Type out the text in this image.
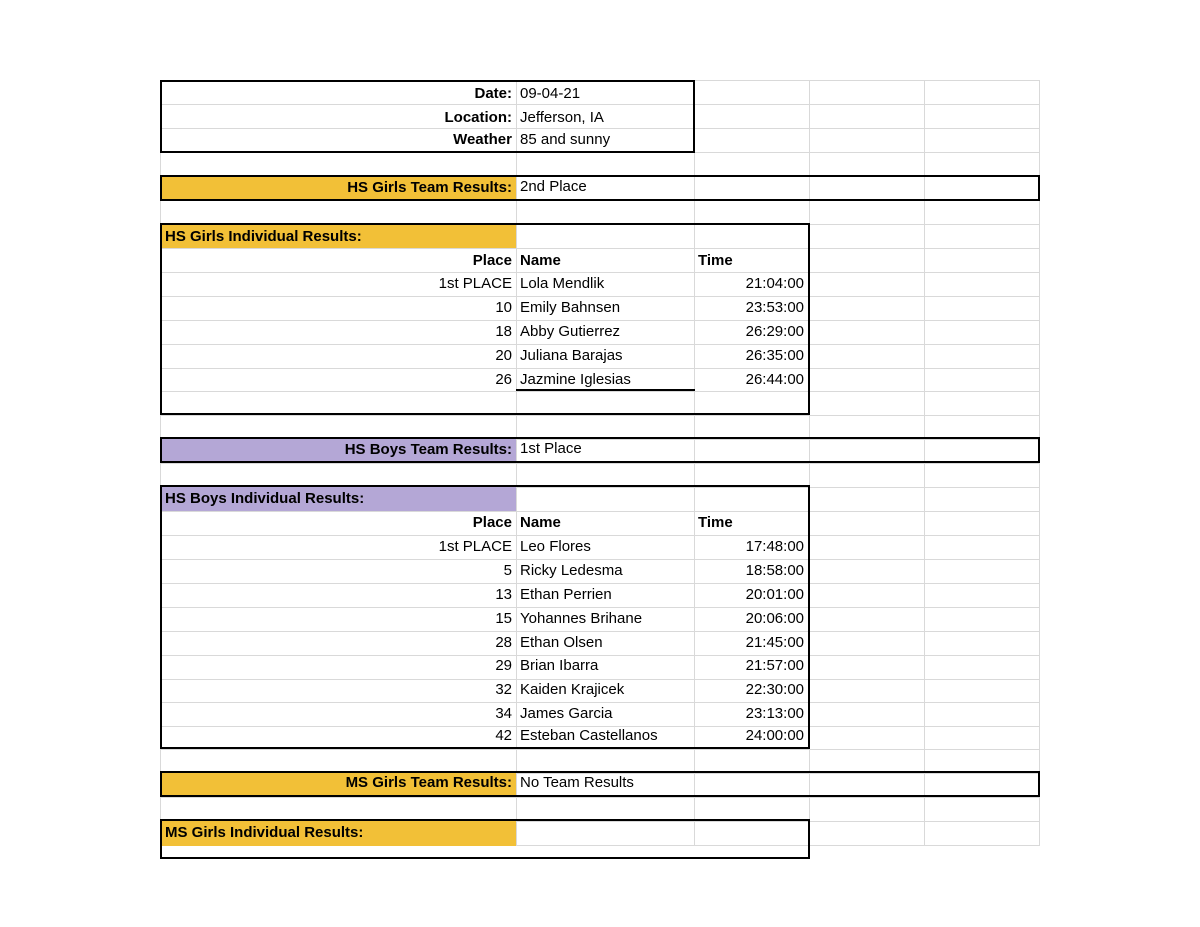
Date: 09-04-21
Location: Jefferson, IA
Weather 85 and sunny
HS Girls Team Results: 2nd Place
HS Girls Individual Results:
Place Name	Time
1st PLACE Lola Mendlik	21:04:00
10 Emily Bahnsen	23:53:00
18 Abby Gutierrez	26:29:00
20 Juliana Barajas	26:35:00
26 Jazmine Iglesias	26:44:00
HS Boys Team Results: 1st Place
HS Boys Individual Results:
Place Name	Time
1st PLACE Leo Flores	17:48:00
5 Ricky Ledesma	18:58:00
13 Ethan Perrien	20:01:00
15 Yohannes Brihane	20:06:00
28 Ethan Olsen	21:45:00
29 Brian Ibarra	21:57:00
32 Kaiden Krajicek	22:30:00
34 James Garcia	23:13:00
42 Esteban Castellanos	24:00:00
MS Girls Team Results: No Team Results
MS Girls Individual Results:
